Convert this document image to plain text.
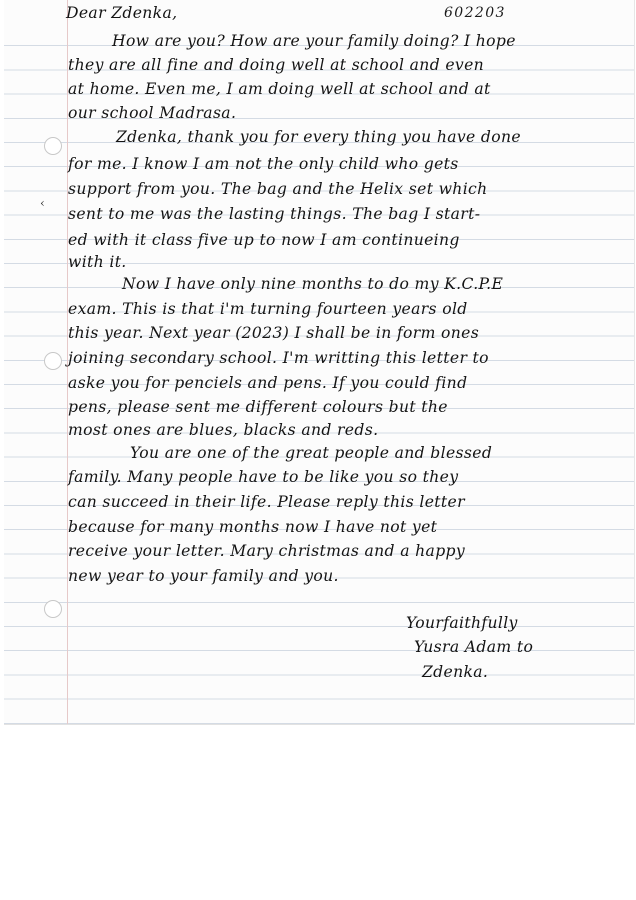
602203
‹
Dear Zdenka,
How are you? How are your family doing? I hope
they are all fine and doing well at school and even
at home. Even me, I am doing well at school and at
our school Madrasa.
Zdenka, thank you for every thing you have done
for me. I know I am not the only child who gets
support from you. The bag and the Helix set which
sent to me was the lasting things. The bag I start-
ed with it class five up to now I am continueing
with it.
Now I have only nine months to do my K.C.P.E
exam. This is that i'm turning fourteen years old
this year. Next year (2023) I shall be in form ones
joining secondary school. I'm writting this letter to
aske you for penciels and pens. If you could find
pens, please sent me different colours but the
most ones are blues, blacks and reds.
You are one of the great people and blessed
family. Many people have to be like you so they
can succeed in their life. Please reply this letter
because for many months now I have not yet
receive your letter. Mary christmas and a happy
new year to your family and you.
Yourfaithfully
Yusra Adam to
Zdenka.
